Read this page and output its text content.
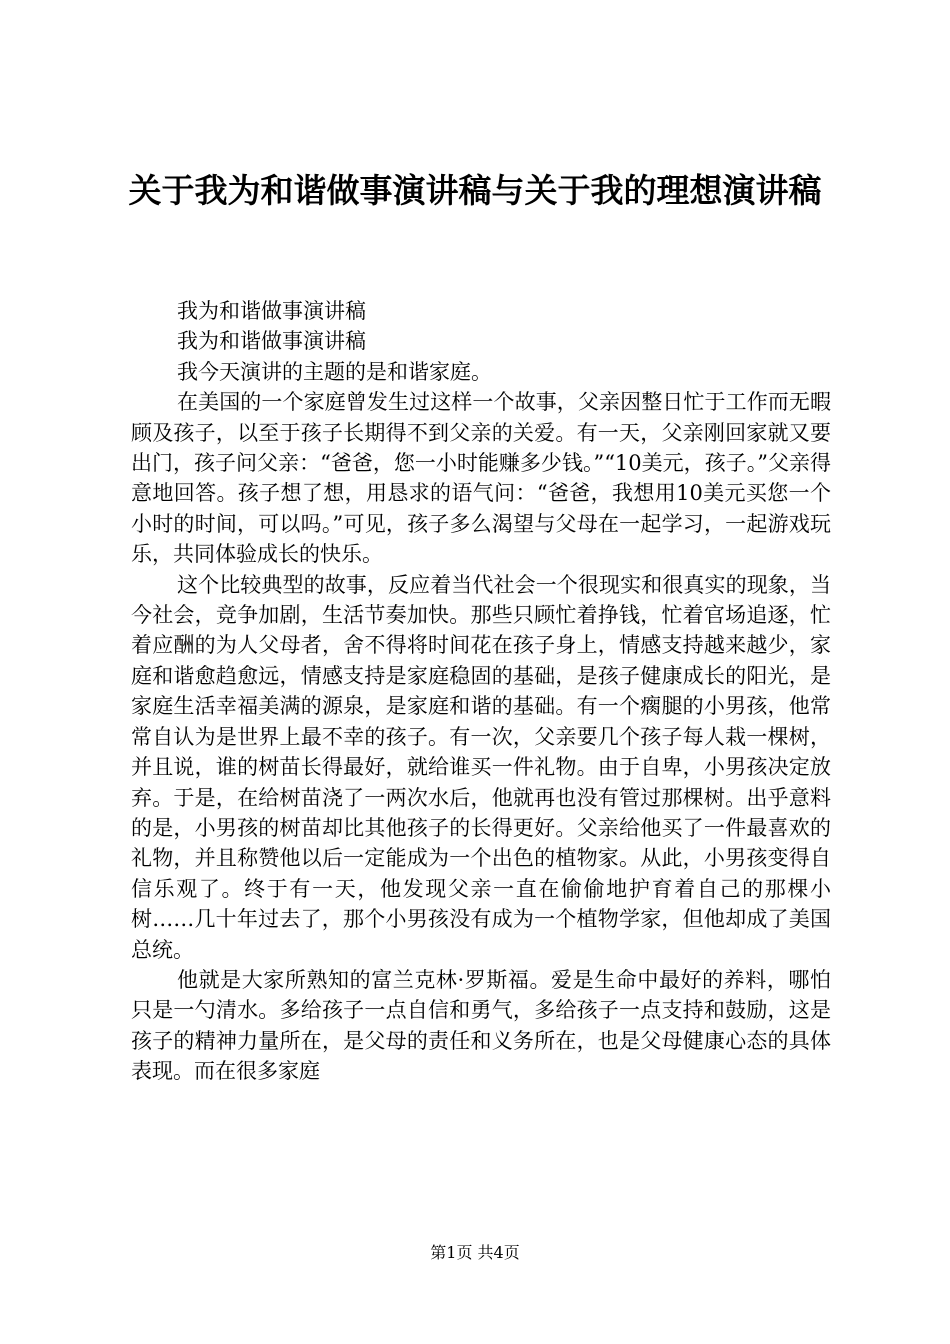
关于我为和谐做事演讲稿与关于我的理想演讲稿

我为和谐做事演讲稿

我为和谐做事演讲稿

我今天演讲的主题的是和谐家庭。

在美国的一个家庭曾发生过这样一个故事，父亲因整日忙于工作而无暇顾及孩子，以至于孩子长期得不到父亲的关爱。有一天，父亲刚回家就又要出门，孩子问父亲：“爸爸，您一小时能赚多少钱。”“10美元，孩子。”父亲得意地回答。孩子想了想，用恳求的语气问：“爸爸，我想用10美元买您一个小时的时间，可以吗。”可见，孩子多么渴望与父母在一起学习，一起游戏玩乐，共同体验成长的快乐。

这个比较典型的故事，反应着当代社会一个很现实和很真实的现象，当今社会，竞争加剧，生活节奏加快。那些只顾忙着挣钱，忙着官场追逐，忙着应酬的为人父母者，舍不得将时间花在孩子身上，情感支持越来越少，家庭和谐愈趋愈远，情感支持是家庭稳固的基础，是孩子健康成长的阳光，是家庭生活幸福美满的源泉，是家庭和谐的基础。有一个瘸腿的小男孩，他常常自认为是世界上最不幸的孩子。有一次，父亲要几个孩子每人栽一棵树，并且说，谁的树苗长得最好，就给谁买一件礼物。由于自卑，小男孩决定放弃。于是，在给树苗浇了一两次水后，他就再也没有管过那棵树。出乎意料的是，小男孩的树苗却比其他孩子的长得更好。父亲给他买了一件最喜欢的礼物，并且称赞他以后一定能成为一个出色的植物家。从此，小男孩变得自信乐观了。终于有一天，他发现父亲一直在偷偷地护育着自己的那棵小树……几十年过去了，那个小男孩没有成为一个植物学家，但他却成了美国总统。

他就是大家所熟知的富兰克林·罗斯福。爱是生命中最好的养料，哪怕只是一勺清水。多给孩子一点自信和勇气，多给孩子一点支持和鼓励，这是孩子的精神力量所在，是父母的责任和义务所在，也是父母健康心态的具体表现。而在很多家庭

第1页 共4页
